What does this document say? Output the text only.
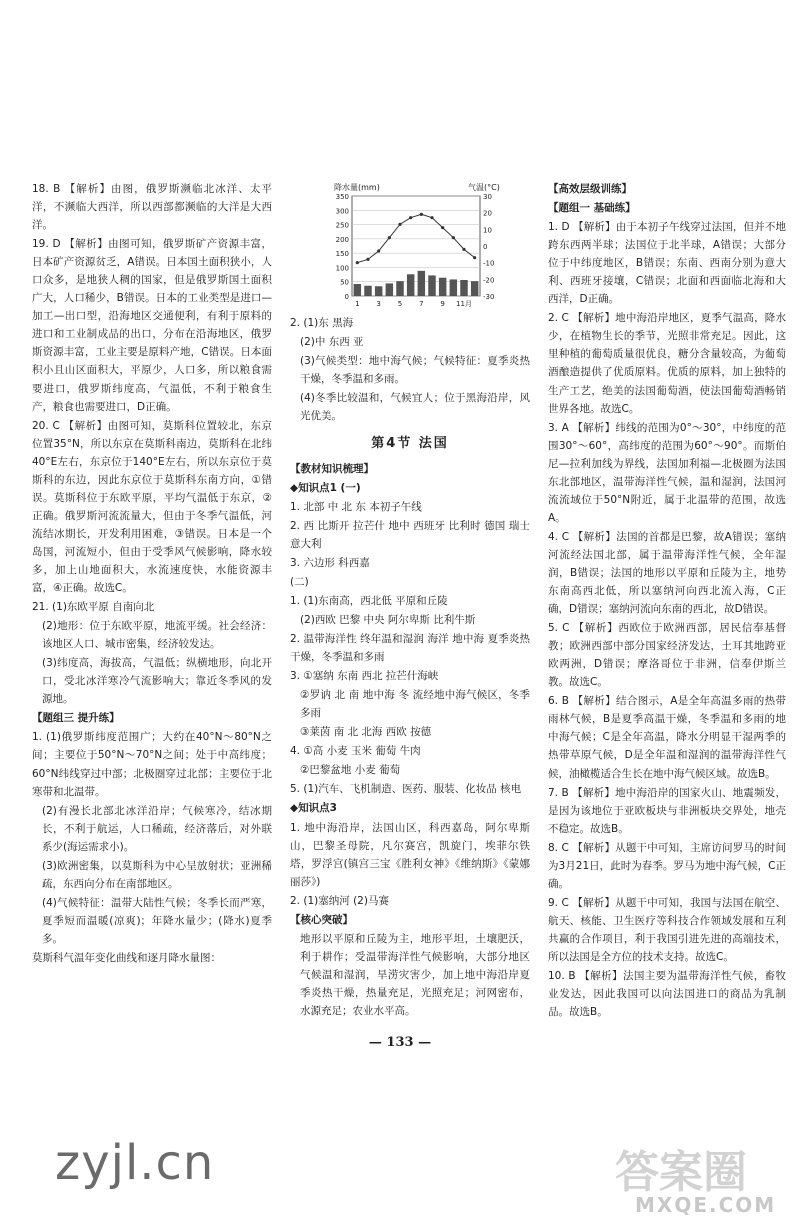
18. B 【解析】由图，俄罗斯濒临北冰洋、太平洋，不濒临大西洋，所以西部都濒临的大洋是大西洋。

19. D 【解析】由图可知，俄罗斯矿产资源丰富，日本矿产资源贫乏，A错误。日本国土面积狭小，人口众多，是地狭人稠的国家，但是俄罗斯国土面积广大，人口稀少，B错误。日本的工业类型是进口—加工—出口型，沿海地区交通便利，有利于原料的进口和工业制成品的出口，分布在沿海地区，俄罗斯资源丰富，工业主要是原料产地，C错误。日本面积小且山区面积大，平原少，人口多，所以粮食需要进口，俄罗斯纬度高，气温低，不利于粮食生产，粮食也需要进口，D正确。

20. C 【解析】由图可知，莫斯科位置较北，东京位置35°N，所以东京在莫斯科南边，莫斯科在北纬40°E左右，东京位于140°E左右，所以东京位于莫斯科的东边，因此东京位于莫斯科东南方向，①错误。莫斯科位于东欧平原，平均气温低于东京，②正确。俄罗斯河流流量大，但由于冬季气温低，河流结冰期长，开发利用困难，③错误。日本是一个岛国，河流短小，但由于受季风气候影响，降水较多，加上山地面积大，水流速度快，水能资源丰富，④正确。故选C。

21. (1)东欧平原 自南向北

(2)地形：位于东欧平原，地流平缓。社会经济：该地区人口、城市密集，经济较发达。

(3)纬度高，海拔高，气温低；纵横地形，向北开口，受北冰洋寒冷气流影响大；靠近冬季风的发源地。

【题组三 提升练】

1. (1)俄罗斯纬度范围广；大约在40°N～80°N之间；主要位于50°N～70°N之间；处于中高纬度；60°N纬线穿过中部；北极圈穿过北部；主要位于北寒带和北温带。

(2)有漫长北部北冰洋沿岸；气候寒冷，结冰期长，不利于航运，人口稀疏，经济落后，对外联系少(海运需求小)。

(3)欧洲密集，以莫斯科为中心呈放射状；亚洲稀疏，东西向分布在南部地区。

(4)气候特征：温带大陆性气候；冬季长而严寒，夏季短而温暖(凉爽)；年降水量少；(降水)夏季多。

莫斯科气温年变化曲线和逐月降水量图：

降水量(mm)	气温(°C)
0
50
100
150
200
250
300
350
-30
-20
-10
0
10
20
30
1 3 5 7 9 11月

2. (1)东 黑海

(2)中 东西 亚

(3)气候类型：地中海气候；气候特征：夏季炎热干燥，冬季温和多雨。

(4)冬季比较温和，气候宜人；位于黑海沿岸，风光优美。

第4节 法国

【教材知识梳理】

◆知识点1 (一)

1. 北部 中 北 东 本初子午线

2. 西 比斯开 拉芒什 地中 西班牙 比利时 德国 瑞士 意大利

3. 六边形 科西嘉

(二)

1. (1)东南高，西北低 平原和丘陵

(2)西欧 巴黎 中央 阿尔卑斯 比利牛斯

2. 温带海洋性 终年温和湿润 海洋 地中海 夏季炎热干燥，冬季温和多雨

3. ①塞纳 东南 西北 拉芒什海峡

②罗讷 北 南 地中海 冬 流经地中海气候区，冬季多雨

③莱茵 南 北 北海 西欧 按德

4. ①高 小麦 玉米 葡萄 牛肉

②巴黎盆地 小麦 葡萄

5. (1)汽车、飞机制造、医药、服装、化妆品 核电

◆知识点3

1. 地中海沿岸，法国山区，科西嘉岛，阿尔卑斯山，巴黎圣母院，凡尔赛宫，凯旋门，埃菲尔铁塔，罗浮宫(镇宫三宝《胜利女神》《维纳斯》《蒙娜丽莎》)

2. (1)塞纳河 (2)马赛

【核心突破】

地形以平原和丘陵为主，地形平坦，土壤肥沃，利于耕作；受温带海洋性气候影响，大部分地区气候温和湿润，旱涝灾害少，加上地中海沿岸夏季炎热干燥，热量充足，光照充足；河网密布，水源充足；农业水平高。

【高效层级训练】

【题组一 基础练】

1. D 【解析】由于本初子午线穿过法国，但并不地跨东西两半球；法国位于北半球，A错误；大部分位于中纬度地区，B错误；东南、西南分别为意大利、西班牙接壤，C错误；北面和西面临北海和大西洋，D正确。

2. C 【解析】地中海沿岸地区，夏季气温高，降水少，在植物生长的季节，光照非常充足。因此，这里种植的葡萄质量很优良，糖分含量较高，为葡萄酒酿造提供了优质原料。优质的原料，加上独特的生产工艺，绝美的法国葡萄酒，使法国葡萄酒畅销世界各地。故选C。

3. A 【解析】纬线的范围为0°～30°，中纬度的范围30°～60°，高纬度的范围为60°～90°。而斯伯尼—拉利加线为界线，法国加利福—北极圈为法国东北部地区，温带海洋性气候，温和湿润，法国河流流域位于50°N附近，属于北温带的范围，故选A。

4. C 【解析】法国的首都是巴黎，故A错误；塞纳河流经法国北部，属于温带海洋性气候，全年湿润，B错误；法国的地形以平原和丘陵为主，地势东南高西北低，所以塞纳河向西北流入海，C正确，D错误；塞纳河流向东南的西北，故D错误。

5. C 【解析】西欧位于欧洲西部，居民信奉基督教；欧洲西部中部分国家经济发达，土耳其地跨亚欧两洲，D错误；摩洛哥位于非洲，信奉伊斯兰教。故选C。

6. B 【解析】结合图示，A是全年高温多雨的热带雨林气候，B是夏季高温干燥，冬季温和多雨的地中海气候；C是全年高温，降水分明显干湿两季的热带草原气候，D是全年温和湿润的温带海洋性气候，油橄榄适合生长在地中海气候区域。故选B。

7. B 【解析】地中海沿岸的国家火山、地震频发，是因为该地位于亚欧板块与非洲板块交界处，地壳不稳定。故选B。

8. C 【解析】从题干中可知，主席访问罗马的时间为3月21日，此时为春季。罗马为地中海气候，C正确。

9. C 【解析】从题干中可知，我国与法国在航空、航天、核能、卫生医疗等科技合作领域发展和互利共赢的合作项目，利于我国引进先进的高端技术，所以法国是全方位的技术支持。故选C。

10. B 【解析】法国主要为温带海洋性气候，畜牧业发达，因此我国可以向法国进口的商品为乳制品。故选B。

— 133 —
zyjl.cn	答案圈
MXQE.COM
